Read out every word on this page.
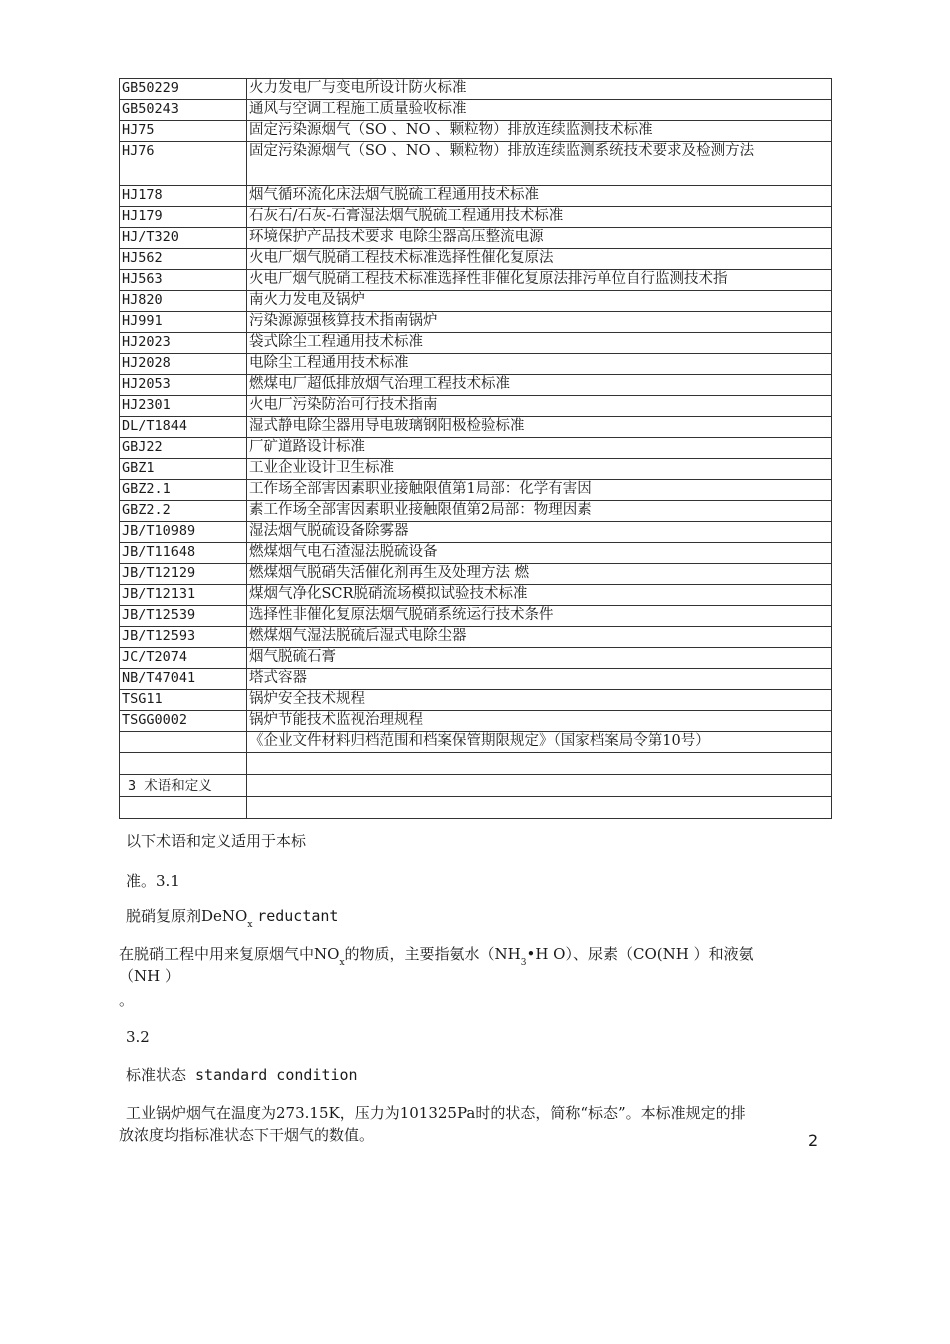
GB50229	火力发电厂与变电所设计防火标准
GB50243	通风与空调工程施工质量验收标准
HJ75	固定污染源烟气（SO 、NO 、颗粒物）排放连续监测技术标准
HJ76	固定污染源烟气（SO 、NO 、颗粒物）排放连续监测系统技术要求及检测方法
HJ178	烟气循环流化床法烟气脱硫工程通用技术标准
HJ179	石灰石/石灰-石膏湿法烟气脱硫工程通用技术标准
HJ/T320	环境保护产品技术要求 电除尘器高压整流电源
HJ562	火电厂烟气脱硝工程技术标准选择性催化复原法
HJ563	火电厂烟气脱硝工程技术标准选择性非催化复原法排污单位自行监测技术指
HJ820	南火力发电及锅炉
HJ991	污染源源强核算技术指南锅炉
HJ2023	袋式除尘工程通用技术标准
HJ2028	电除尘工程通用技术标准
HJ2053	燃煤电厂超低排放烟气治理工程技术标准
HJ2301	火电厂污染防治可行技术指南
DL/T1844	湿式静电除尘器用导电玻璃钢阳极检验标准
GBJ22	厂矿道路设计标准
GBZ1	工业企业设计卫生标准
GBZ2.1	工作场全部害因素职业接触限值第1局部：化学有害因
GBZ2.2	素工作场全部害因素职业接触限值第2局部：物理因素
JB/T10989	湿法烟气脱硫设备除雾器
JB/T11648	燃煤烟气电石渣湿法脱硫设备
JB/T12129	燃煤烟气脱硝失活催化剂再生及处理方法 燃
JB/T12131	煤烟气净化SCR脱硝流场模拟试验技术标准
JB/T12539	选择性非催化复原法烟气脱硝系统运行技术条件
JB/T12593	燃煤烟气湿法脱硫后湿式电除尘器
JC/T2074	烟气脱硫石膏
NB/T47041	塔式容器
TSG11	锅炉安全技术规程
TSGG0002	锅炉节能技术监视治理规程
	《企业文件材料归档范围和档案保管期限规定》（国家档案局令第10号）

3 术语和定义	

以下术语和定义适用于本标
准。3.1
脱硝复原剂DeNO$_x$ reductant
在脱硝工程中用来复原烟气中$NO_x$的物质，主要指氨水（$NH_3•H$ O）、尿素（CO(NH ）和液氨
（NH ）
。
3.2
标准状态 standard condition
工业锅炉烟气在温度为273.15K，压力为101325Pa时的状态，简称“标态”。本标准规定的排
放浓度均指标准状态下干烟气的数值。	2
